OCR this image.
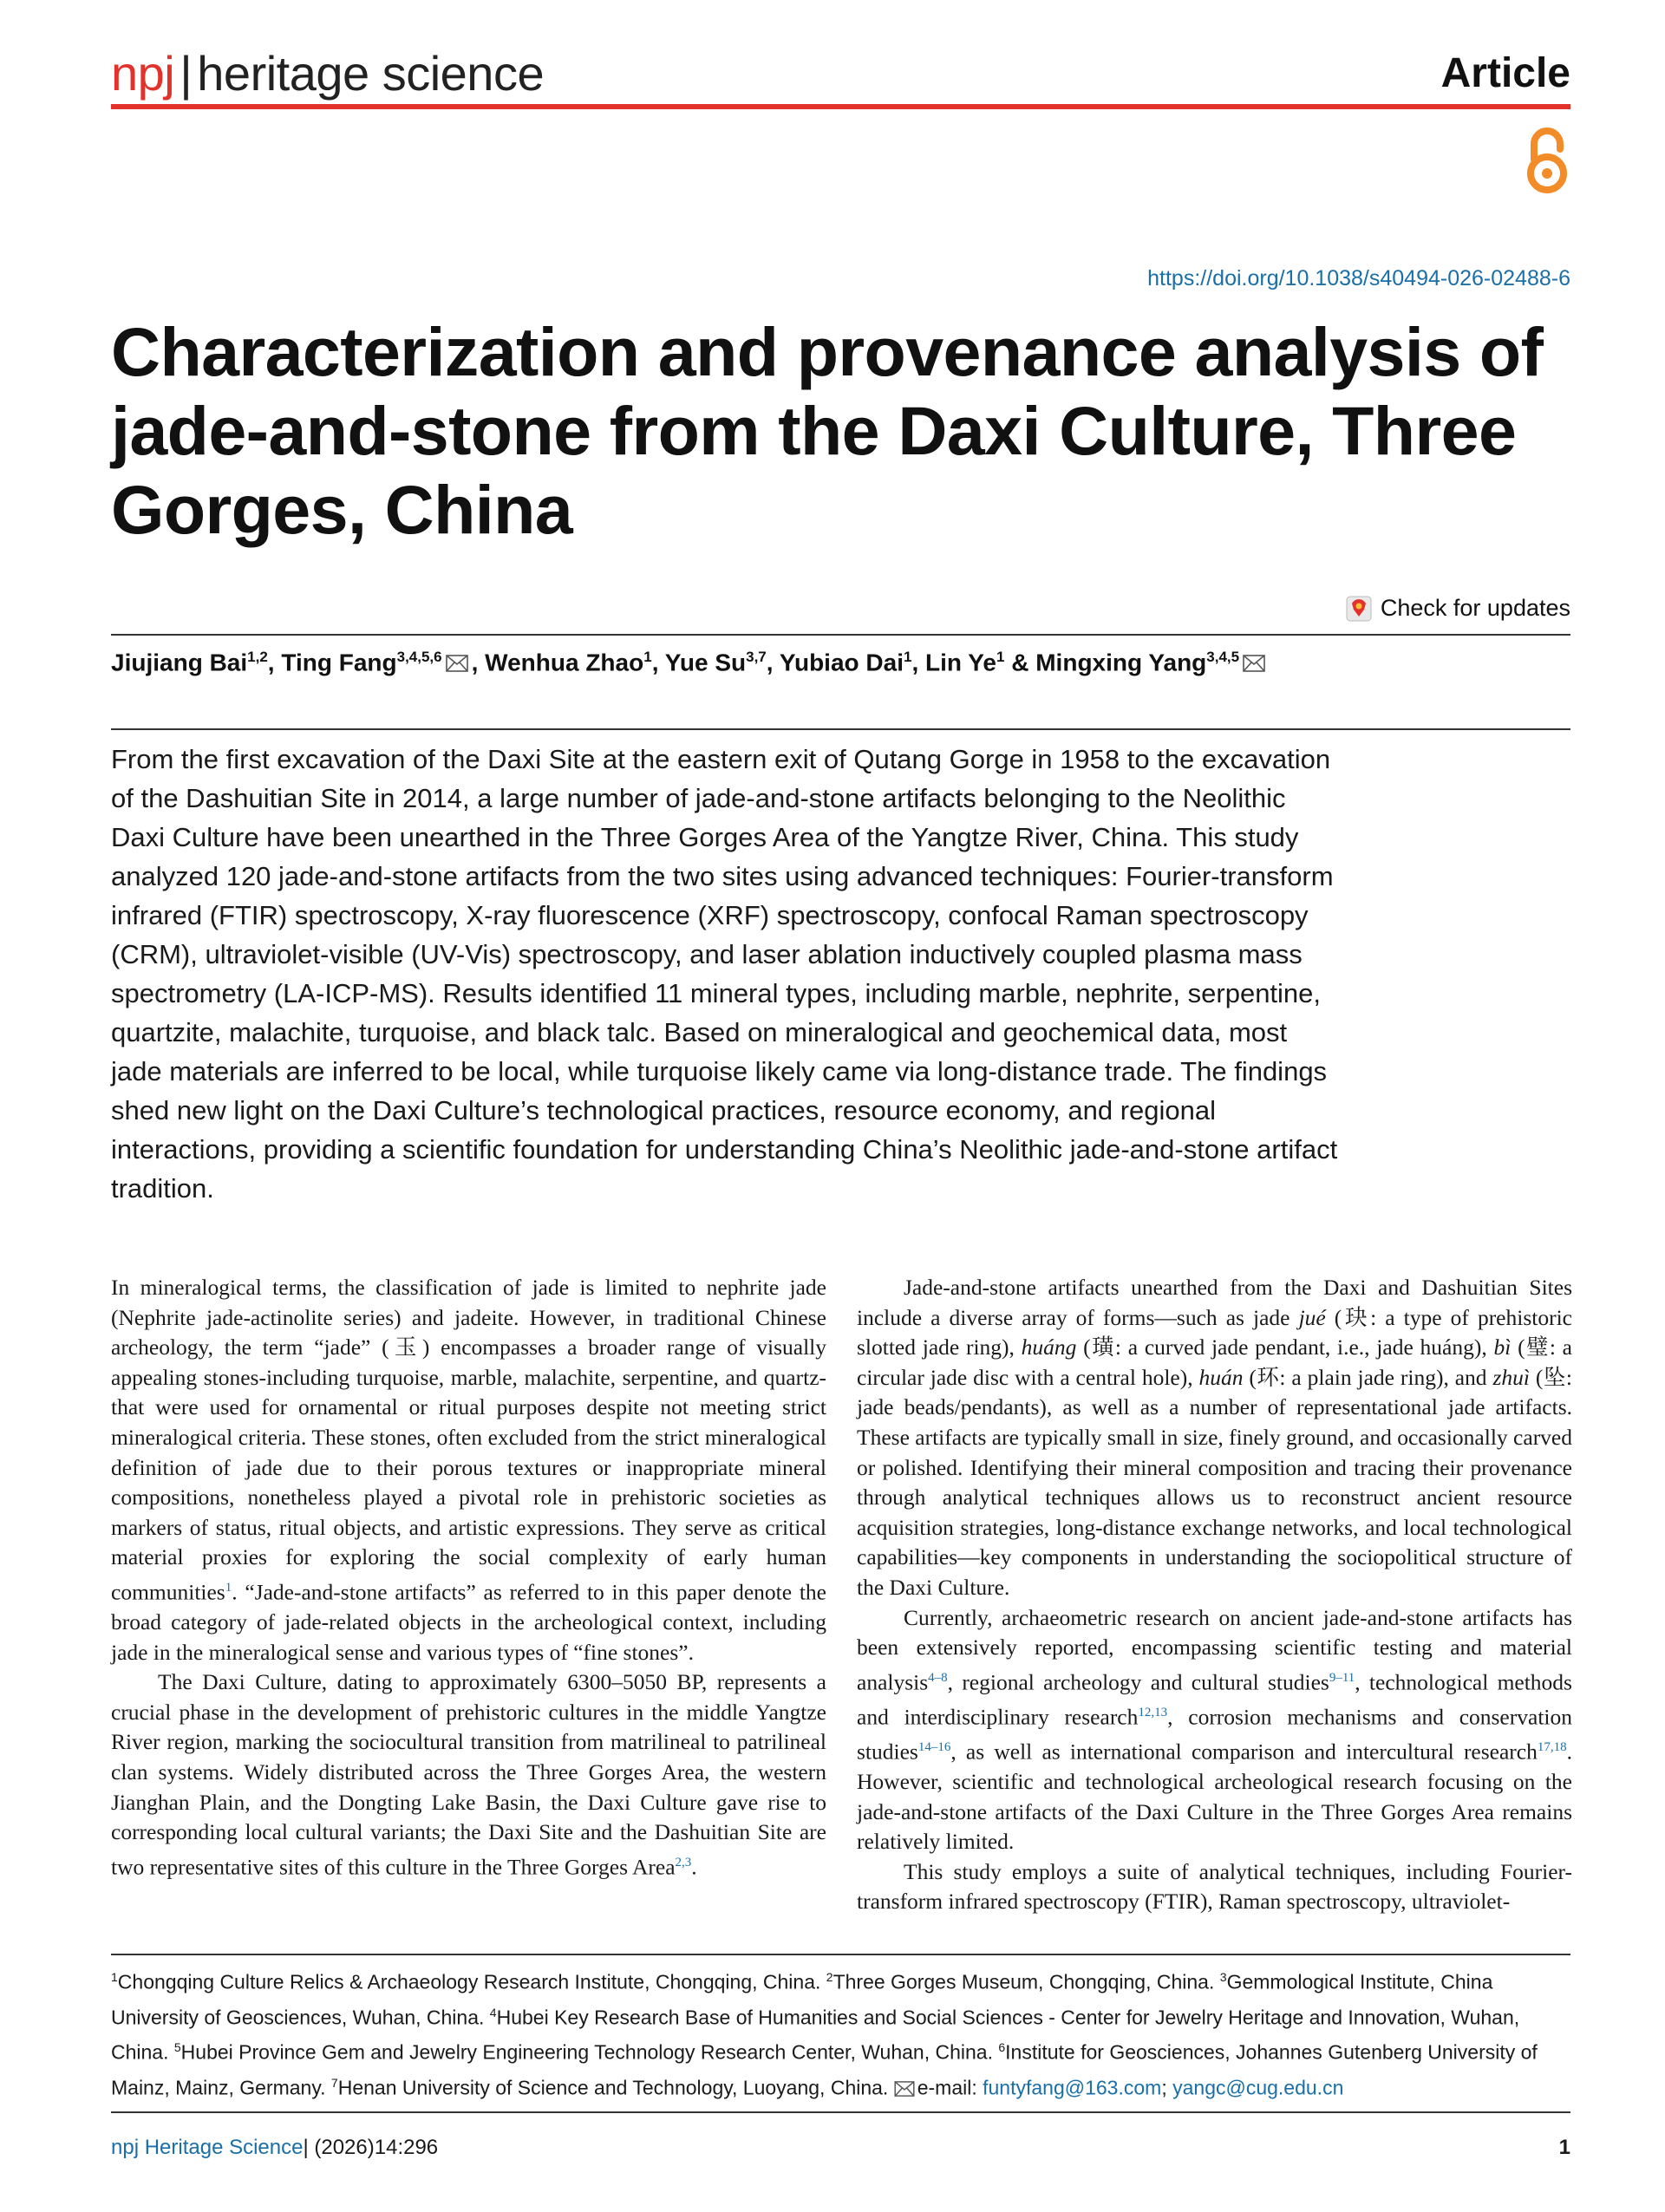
npj | heritage science	Article
https://doi.org/10.1038/s40494-026-02488-6
Characterization and provenance analysis of jade-and-stone from the Daxi Culture, Three Gorges, China
Check for updates
Jiujiang Bai$^{1,2}$, Ting Fang$^{3,4,5,6}$ , Wenhua Zhao$^1$, Yue Su$^{3,7}$, Yubiao Dai$^1$, Lin Ye$^1$ & Mingxing Yang$^{3,4,5}$

From the first excavation of the Daxi Site at the eastern exit of Qutang Gorge in 1958 to the excavation of the Dashuitian Site in 2014, a large number of jade-and-stone artifacts belonging to the Neolithic Daxi Culture have been unearthed in the Three Gorges Area of the Yangtze River, China. This study analyzed 120 jade-and-stone artifacts from the two sites using advanced techniques: Fourier-transform infrared (FTIR) spectroscopy, X-ray fluorescence (XRF) spectroscopy, confocal Raman spectroscopy (CRM), ultraviolet-visible (UV-Vis) spectroscopy, and laser ablation inductively coupled plasma mass spectrometry (LA-ICP-MS). Results identified 11 mineral types, including marble, nephrite, serpentine, quartzite, malachite, turquoise, and black talc. Based on mineralogical and geochemical data, most jade materials are inferred to be local, while turquoise likely came via long-distance trade. The findings shed new light on the Daxi Culture’s technological practices, resource economy, and regional interactions, providing a scientific foundation for understanding China’s Neolithic jade-and-stone artifact tradition.

In mineralogical terms, the classification of jade is limited to nephrite jade (Nephrite jade-actinolite series) and jadeite. However, in traditional Chinese archeology, the term “jade” (玉) encompasses a broader range of visually appealing stones-including turquoise, marble, malachite, serpentine, and quartz-that were used for ornamental or ritual purposes despite not meeting strict mineralogical criteria. These stones, often excluded from the strict mineralogical definition of jade due to their porous textures or inappropriate mineral compositions, nonetheless played a pivotal role in prehistoric societies as markers of status, ritual objects, and artistic expressions. They serve as critical material proxies for exploring the social complexity of early human communities$^1$. “Jade-and-stone artifacts” as referred to in this paper denote the broad category of jade-related objects in the archeological context, including jade in the mineralogical sense and various types of “fine stones”.

The Daxi Culture, dating to approximately 6300–5050 BP, represents a crucial phase in the development of prehistoric cultures in the middle Yangtze River region, marking the sociocultural transition from matrilineal to patrilineal clan systems. Widely distributed across the Three Gorges Area, the western Jianghan Plain, and the Dongting Lake Basin, the Daxi Culture gave rise to corresponding local cultural variants; the Daxi Site and the Dashuitian Site are two representative sites of this culture in the Three Gorges Area$^{2,3}$.

Jade-and-stone artifacts unearthed from the Daxi and Dashuitian Sites include a diverse array of forms—such as jade jué (玦: a type of prehistoric slotted jade ring), huáng (璜: a curved jade pendant, i.e., jade huáng), bì (璧: a circular jade disc with a central hole), huán (环: a plain jade ring), and zhuì (坠: jade beads/pendants), as well as a number of representational jade artifacts. These artifacts are typically small in size, finely ground, and occasionally carved or polished. Identifying their mineral composition and tracing their provenance through analytical techniques allows us to reconstruct ancient resource acquisition strategies, long-distance exchange networks, and local technological capabilities—key components in understanding the sociopolitical structure of the Daxi Culture.

Currently, archaeometric research on ancient jade-and-stone artifacts has been extensively reported, encompassing scientific testing and material analysis$^{4-8}$, regional archeology and cultural studies$^{9-11}$, technological methods and interdisciplinary research$^{12,13}$, corrosion mechanisms and conservation studies$^{14-16}$, as well as international comparison and intercultural research$^{17,18}$. However, scientific and technological archeological research focusing on the jade-and-stone artifacts of the Daxi Culture in the Three Gorges Area remains relatively limited.

This study employs a suite of analytical techniques, including Fourier-transform infrared spectroscopy (FTIR), Raman spectroscopy, ultraviolet-

$^1$Chongqing Culture Relics & Archaeology Research Institute, Chongqing, China. $^2$Three Gorges Museum, Chongqing, China. $^3$Gemmological Institute, China University of Geosciences, Wuhan, China. $^4$Hubei Key Research Base of Humanities and Social Sciences - Center for Jewelry Heritage and Innovation, Wuhan, China. $^5$Hubei Province Gem and Jewelry Engineering Technology Research Center, Wuhan, China. $^6$Institute for Geosciences, Johannes Gutenberg University of Mainz, Mainz, Germany. $^7$Henan University of Science and Technology, Luoyang, China. e-mail: funtyfang@163.com; yangc@cug.edu.cn

npj Heritage Science| (2026)14:296	1
